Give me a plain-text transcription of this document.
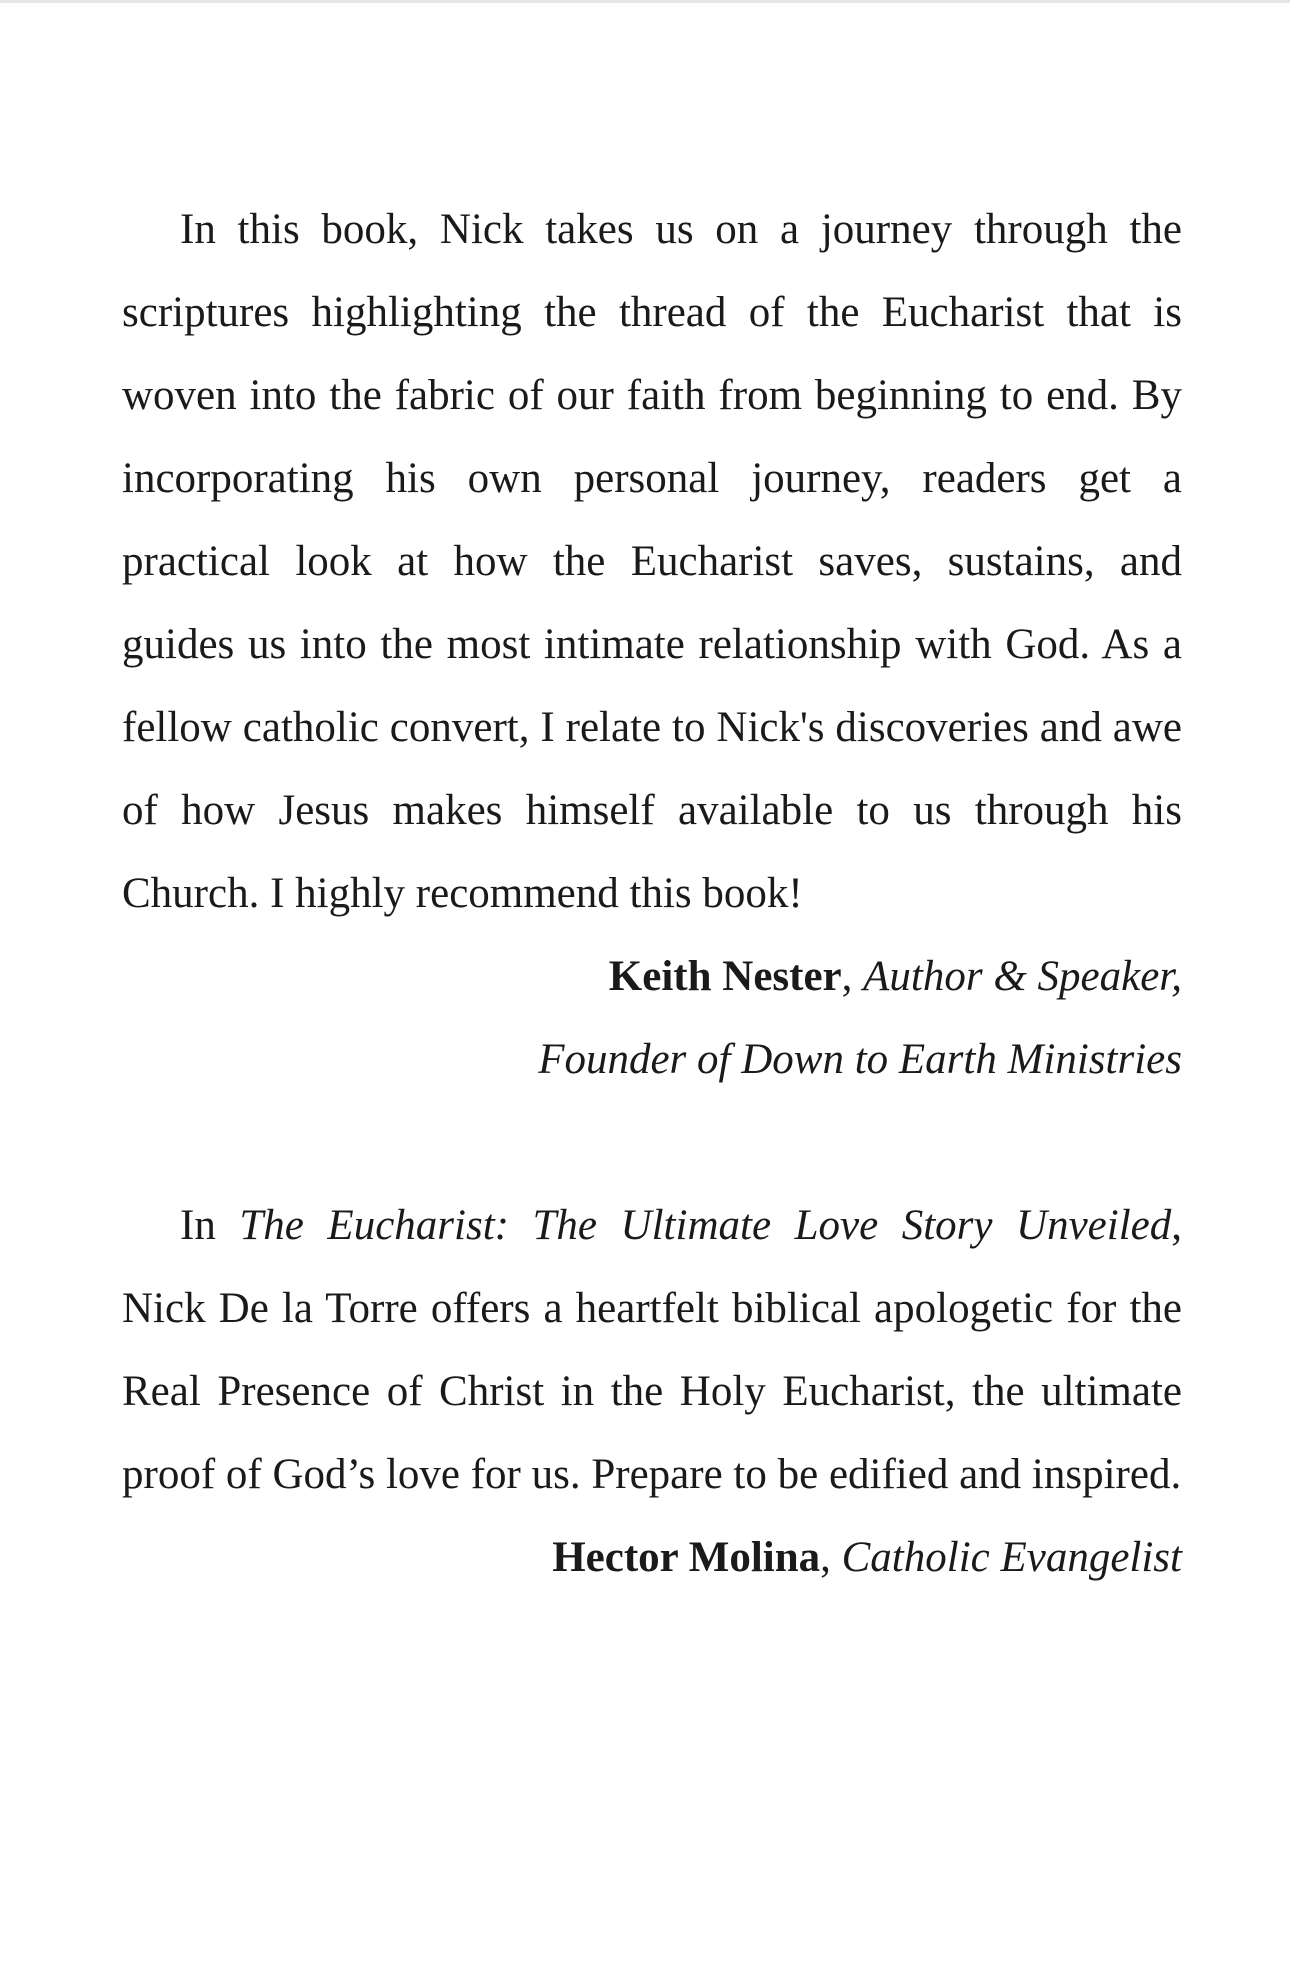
In this book, Nick takes us on a journey through the scriptures highlighting the thread of the Eucharist that is woven into the fabric of our faith from beginning to end. By incorporating his own personal journey, readers get a practical look at how the Eucharist saves, sustains, and guides us into the most intimate relationship with God. As a fellow catholic convert, I relate to Nick's discoveries and awe of how Jesus makes himself available to us through his Church. I highly recommend this book!

Keith Nester, Author & Speaker,

Founder of Down to Earth Ministries

In The Eucharist: The Ultimate Love Story Unveiled, Nick De la Torre offers a heartfelt biblical apologetic for the Real Presence of Christ in the Holy Eucharist, the ultimate proof of God’s love for us. Prepare to be edified and inspired.

Hector Molina, Catholic Evangelist
